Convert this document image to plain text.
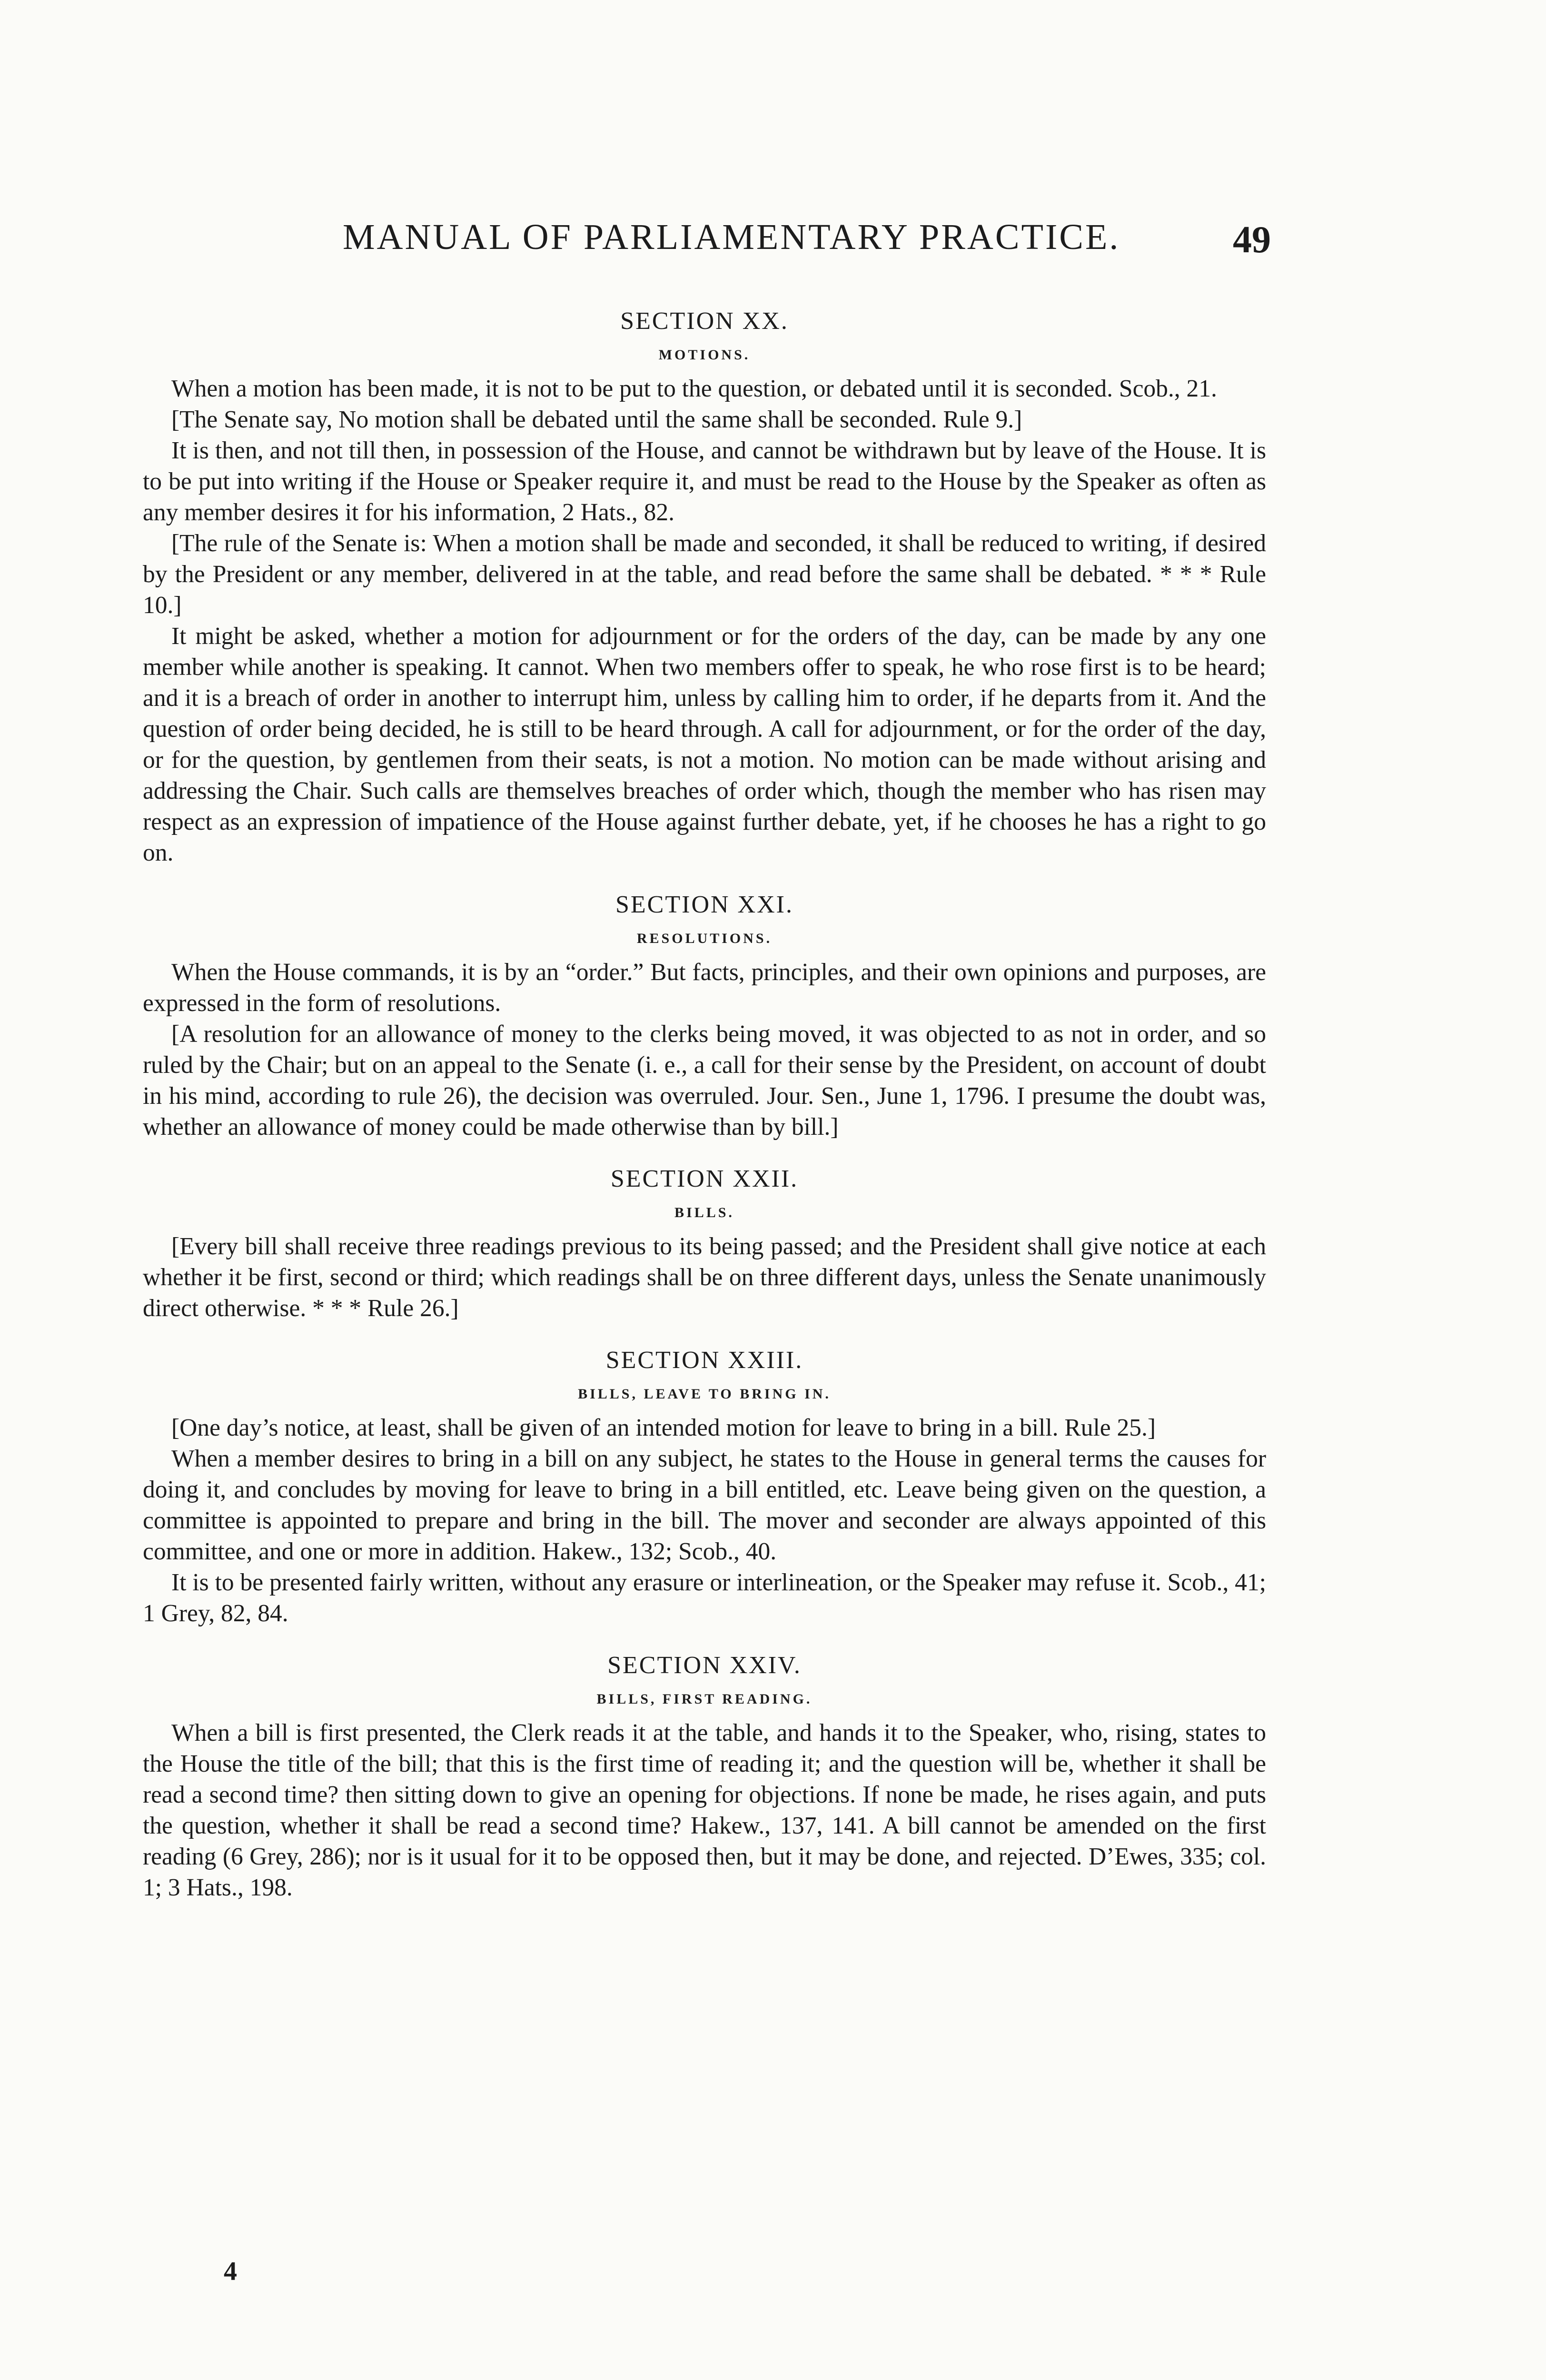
MANUAL OF PARLIAMENTARY PRACTICE.	49

SECTION XX.

MOTIONS.

When a motion has been made, it is not to be put to the question, or debated until it is seconded. Scob., 21.

[The Senate say, No motion shall be debated until the same shall be seconded. Rule 9.]

It is then, and not till then, in possession of the House, and cannot be withdrawn but by leave of the House. It is to be put into writing if the House or Speaker require it, and must be read to the House by the Speaker as often as any member desires it for his information, 2 Hats., 82.

[The rule of the Senate is: When a motion shall be made and seconded, it shall be reduced to writing, if desired by the President or any member, delivered in at the table, and read before the same shall be debated. * * * Rule 10.]

It might be asked, whether a motion for adjournment or for the orders of the day, can be made by any one member while another is speaking. It cannot. When two members offer to speak, he who rose first is to be heard; and it is a breach of order in another to interrupt him, unless by calling him to order, if he departs from it. And the question of order being decided, he is still to be heard through. A call for adjournment, or for the order of the day, or for the question, by gentlemen from their seats, is not a motion. No motion can be made without arising and addressing the Chair. Such calls are themselves breaches of order which, though the member who has risen may respect as an expression of impatience of the House against further debate, yet, if he chooses he has a right to go on.

SECTION XXI.

RESOLUTIONS.

When the House commands, it is by an “order.” But facts, principles, and their own opinions and purposes, are expressed in the form of resolutions.

[A resolution for an allowance of money to the clerks being moved, it was objected to as not in order, and so ruled by the Chair; but on an appeal to the Senate (i. e., a call for their sense by the President, on account of doubt in his mind, according to rule 26), the decision was overruled. Jour. Sen., June 1, 1796. I presume the doubt was, whether an allowance of money could be made otherwise than by bill.]

SECTION XXII.

BILLS.

[Every bill shall receive three readings previous to its being passed; and the President shall give notice at each whether it be first, second or third; which readings shall be on three different days, unless the Senate unanimously direct otherwise. * * * Rule 26.]

SECTION XXIII.

BILLS, LEAVE TO BRING IN.

[One day’s notice, at least, shall be given of an intended motion for leave to bring in a bill. Rule 25.]

When a member desires to bring in a bill on any subject, he states to the House in general terms the causes for doing it, and concludes by moving for leave to bring in a bill entitled, etc. Leave being given on the question, a committee is appointed to prepare and bring in the bill. The mover and seconder are always appointed of this committee, and one or more in addition. Hakew., 132; Scob., 40.

It is to be presented fairly written, without any erasure or interlineation, or the Speaker may refuse it. Scob., 41; 1 Grey, 82, 84.

SECTION XXIV.

BILLS, FIRST READING.

When a bill is first presented, the Clerk reads it at the table, and hands it to the Speaker, who, rising, states to the House the title of the bill; that this is the first time of reading it; and the question will be, whether it shall be read a second time? then sitting down to give an opening for objections. If none be made, he rises again, and puts the question, whether it shall be read a second time? Hakew., 137, 141. A bill cannot be amended on the first reading (6 Grey, 286); nor is it usual for it to be opposed then, but it may be done, and rejected. D’Ewes, 335; col. 1; 3 Hats., 198.

4
